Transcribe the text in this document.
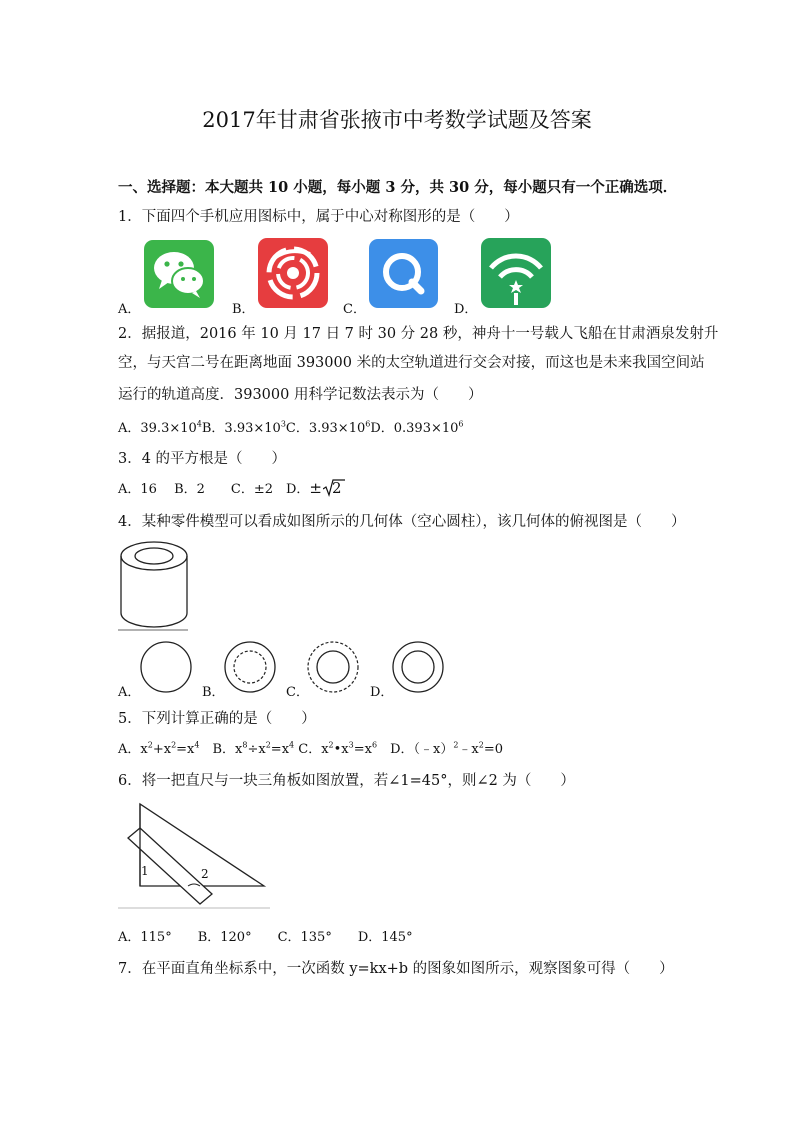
2017年甘肃省张掖市中考数学试题及答案
一、选择题：本大题共 10 小题，每小题 3 分，共 30 分，每小题只有一个正确选项．
1．下面四个手机应用图标中，属于中心对称图形的是（　　）
A．	B．	C．	D．
2．据报道，2016 年 10 月 17 日 7 时 30 分 28 秒，神舟十一号载人飞船在甘肃酒泉发射升
空，与天宫二号在距离地面 393000 米的太空轨道进行交会对接，而这也是未来我国空间站
运行的轨道高度．393000 用科学记数法表示为（　　）
A．$39.3\times 10^4B$．$3.93\times 10^3C$．$3.93\times 10^6D$．$0.393\times 10^6$
3．4 的平方根是（　　）
A．16　 B．2　　C．±2　D．± 2
4．某种零件模型可以看成如图所示的几何体（空心圆柱），该几何体的俯视图是（　　）
A．	B．	C．	D．
5．下列计算正确的是（　　）
A．$x^2+x^2=x^4$　B．$x^8\div x^2=x^4$ C．$x^2•x^3=x^6$　D．$(﹣x)^2﹣x^2=0$
6．将一把直尺与一块三角板如图放置，若∠1=45°，则∠2 为（　　）
1	2
A．115°　　B．120°　　C．135°　　D．145°
7．在平面直角坐标系中，一次函数 y=kx+b 的图象如图所示，观察图象可得（　　）
